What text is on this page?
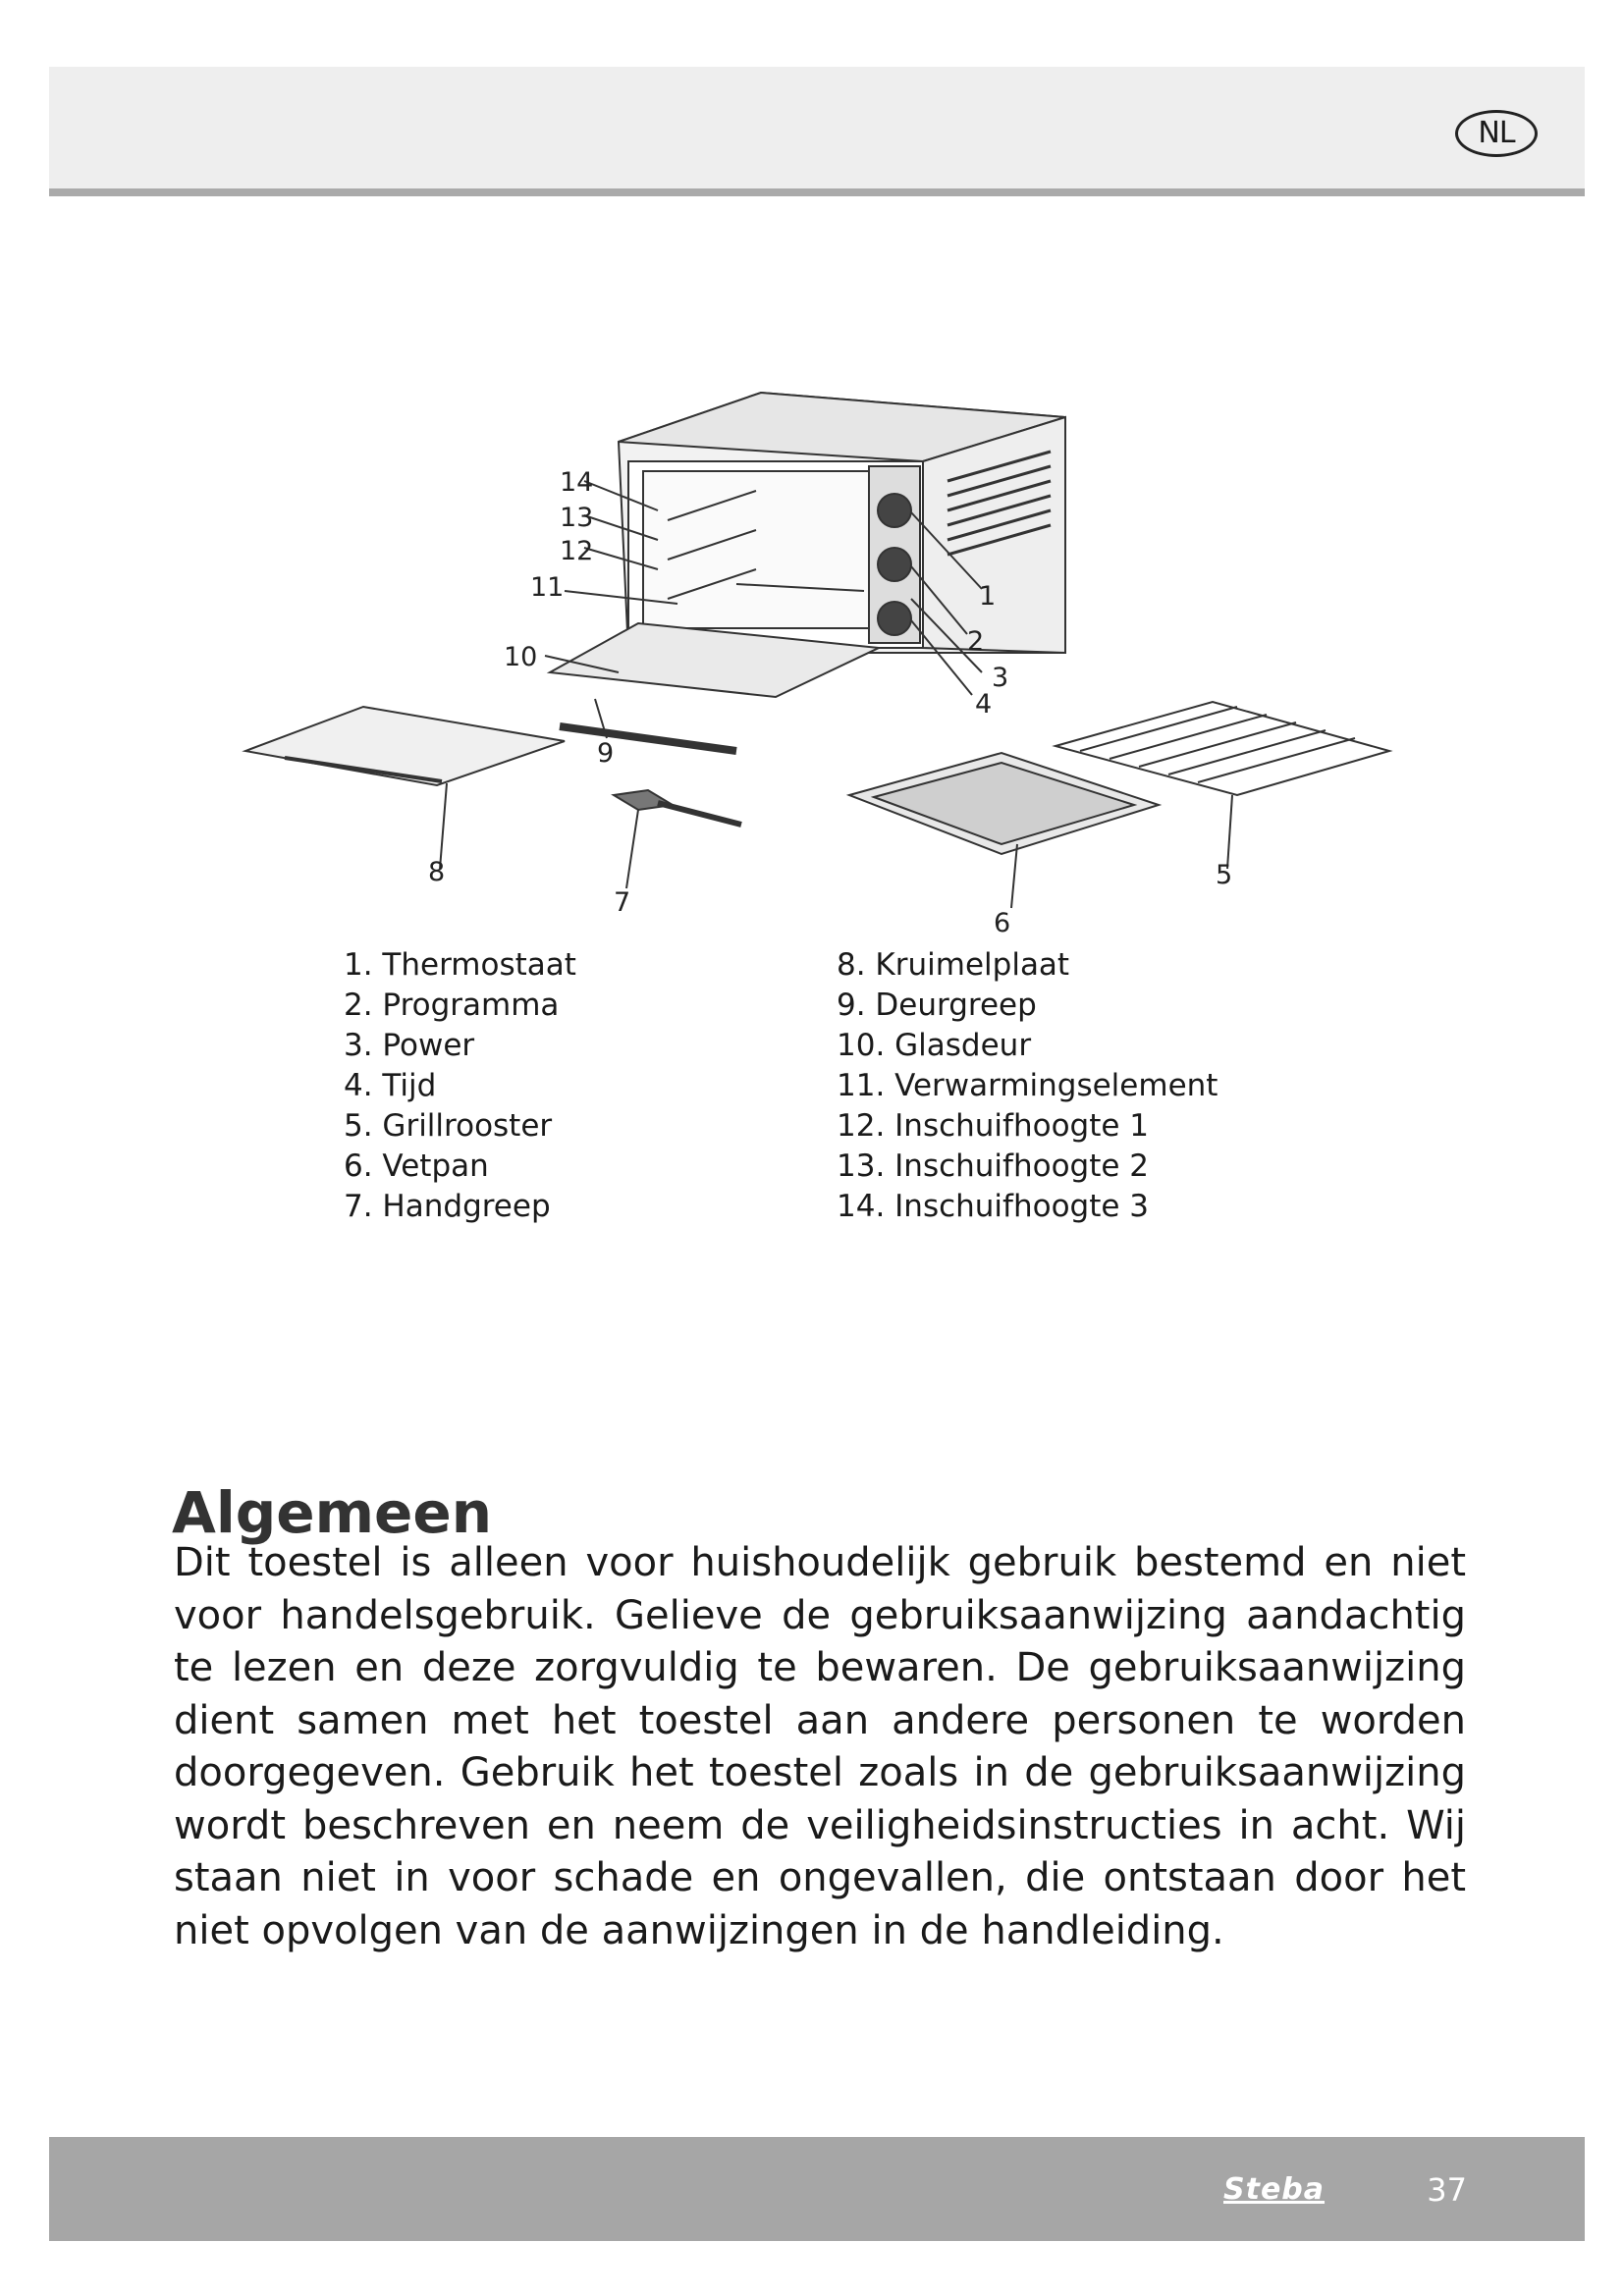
NL
14
13
12
11
10
1
2
3
4
5
6
7
8
9
1. Thermostaat
2. Programma
3. Power
4. Tijd
5. Grillrooster
6. Vetpan
7. Handgreep
8. Kruimelplaat
9. Deurgreep
10. Glasdeur
11. Verwarmingselement
12. Inschuifhoogte 1
13. Inschuifhoogte 2
14. Inschuifhoogte 3
Algemeen

Dit toestel is alleen voor huishoudelijk gebruik bestemd en niet voor handelsgebruik. Gelieve de gebruiksaanwijzing aandachtig te lezen en deze zorgvuldig te bewaren. De gebruiksaanwijzing dient samen met het toestel aan andere personen te worden doorgegeven. Gebruik het toestel zoals in de gebruiksaanwijzing wordt beschreven en neem de veiligheidsinstructies in acht. Wij staan niet in voor schade en ongevallen, die ontstaan door het niet opvolgen van de aanwijzingen in de handleiding.

Steba	37
